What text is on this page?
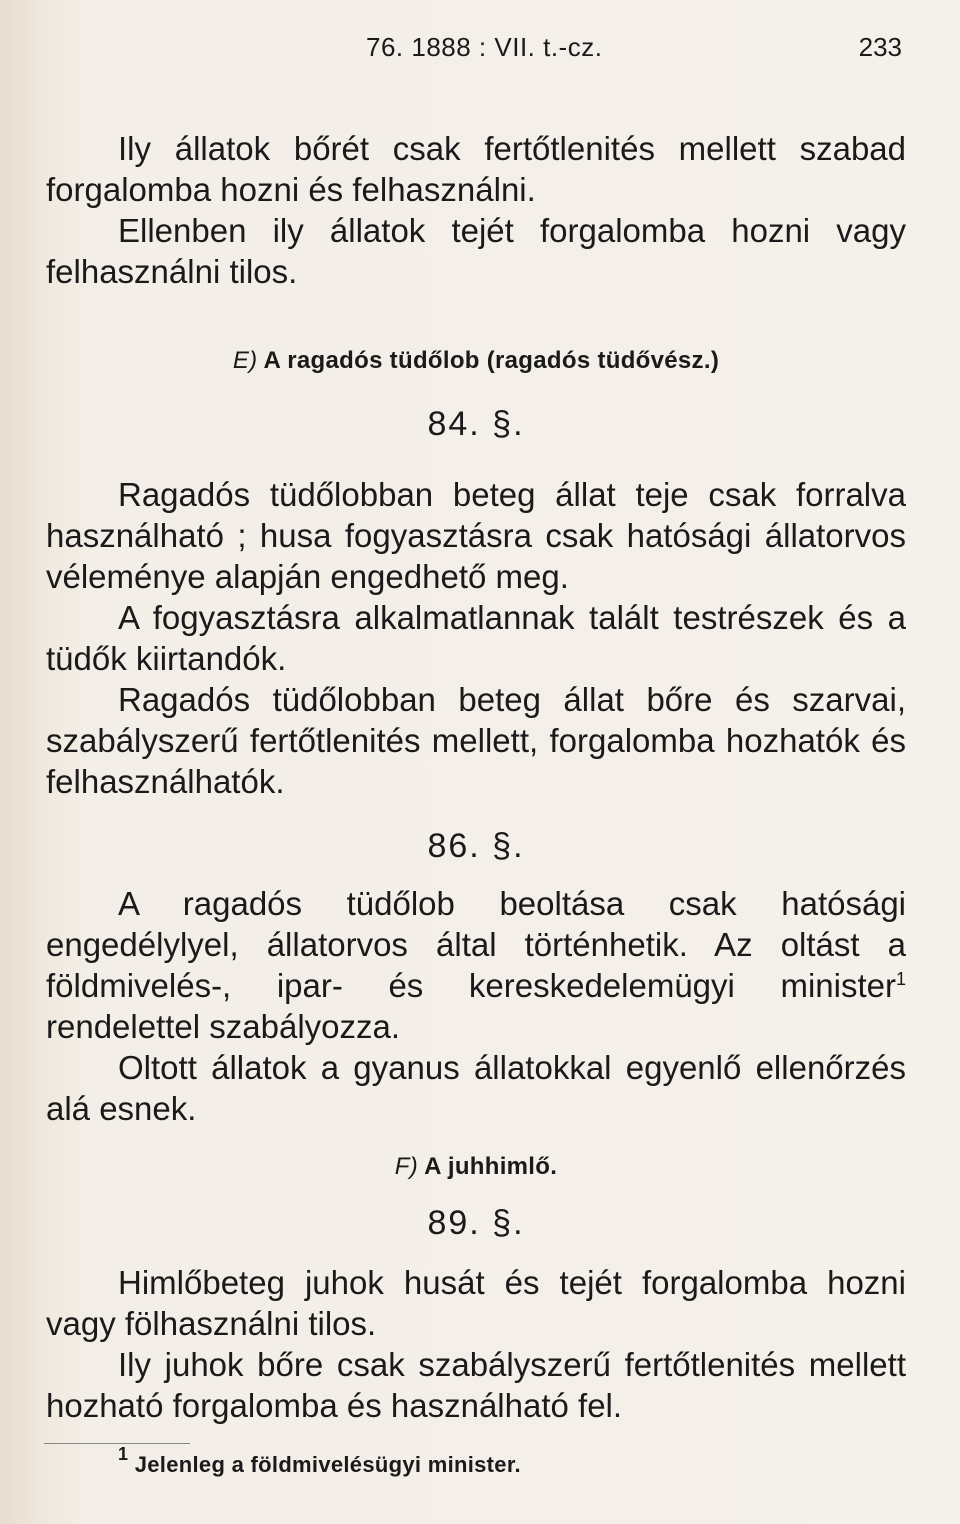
76. 1888 : VII. t.-cz.	233

Ily állatok bőrét csak fertőtlenités mellett szabad forgalomba hozni és felhasználni.

Ellenben ily állatok tejét forgalomba hozni vagy felhasználni tilos.

E) A ragadós tüdőlob (ragadós tüdővész.)
84. §.

Ragadós tüdőlobban beteg állat teje csak forralva használható ; husa fogyasztásra csak hatósági állatorvos véleménye alapján engedhető meg.

A fogyasztásra alkalmatlannak talált testrészek és a tüdők kiirtandók.

Ragadós tüdőlobban beteg állat bőre és szarvai, szabályszerű fertőtlenités mellett, forgalomba hozhatók és felhasználhatók.

86. §.

A ragadós tüdőlob beoltása csak hatósági engedélylyel, állatorvos által történhetik. Az oltást a földmivelés-, ipar- és kereskedelemügyi minister$^1$ rendelettel szabályozza.

Oltott állatok a gyanus állatokkal egyenlő ellenőrzés alá esnek.

F) A juhhimlő.
89. §.

Himlőbeteg juhok husát és tejét forgalomba hozni vagy fölhasználni tilos.

Ily juhok bőre csak szabályszerű fertőtlenités mellett hozható forgalomba és használható fel.

$^1$ Jelenleg a földmivelésügyi minister.
